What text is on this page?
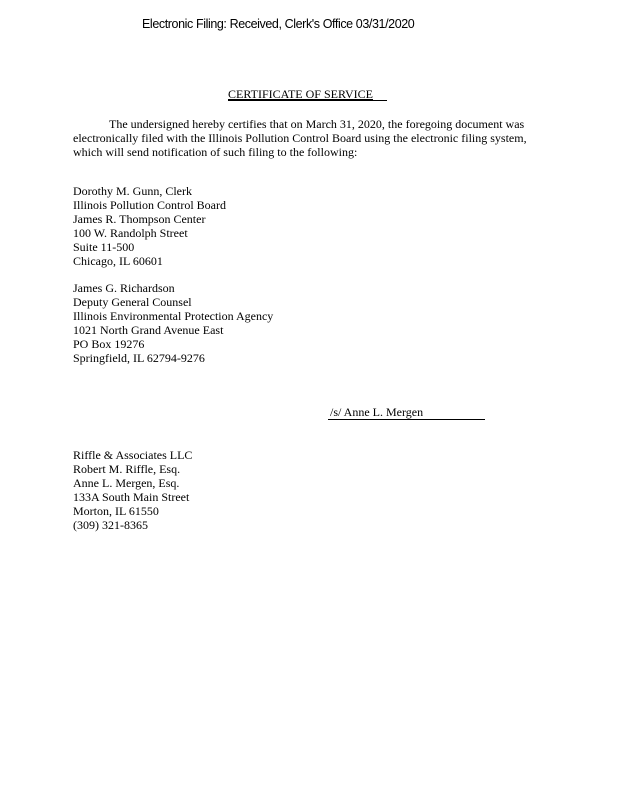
Electronic Filing: Received, Clerk's Office 03/31/2020
CERTIFICATE OF SERVICE
The undersigned hereby certifies that on March 31, 2020, the foregoing document was
electronically filed with the Illinois Pollution Control Board using the electronic filing system,
which will send notification of such filing to the following:
Dorothy M. Gunn, Clerk
Illinois Pollution Control Board
James R. Thompson Center
100 W. Randolph Street
Suite 11-500
Chicago, IL 60601
James G. Richardson
Deputy General Counsel
Illinois Environmental Protection Agency
1021 North Grand Avenue East
PO Box 19276
Springfield, IL 62794-9276
/s/ Anne L. Mergen
Riffle & Associates LLC
Robert M. Riffle, Esq.
Anne L. Mergen, Esq.
133A South Main Street
Morton, IL 61550
(309) 321-8365
